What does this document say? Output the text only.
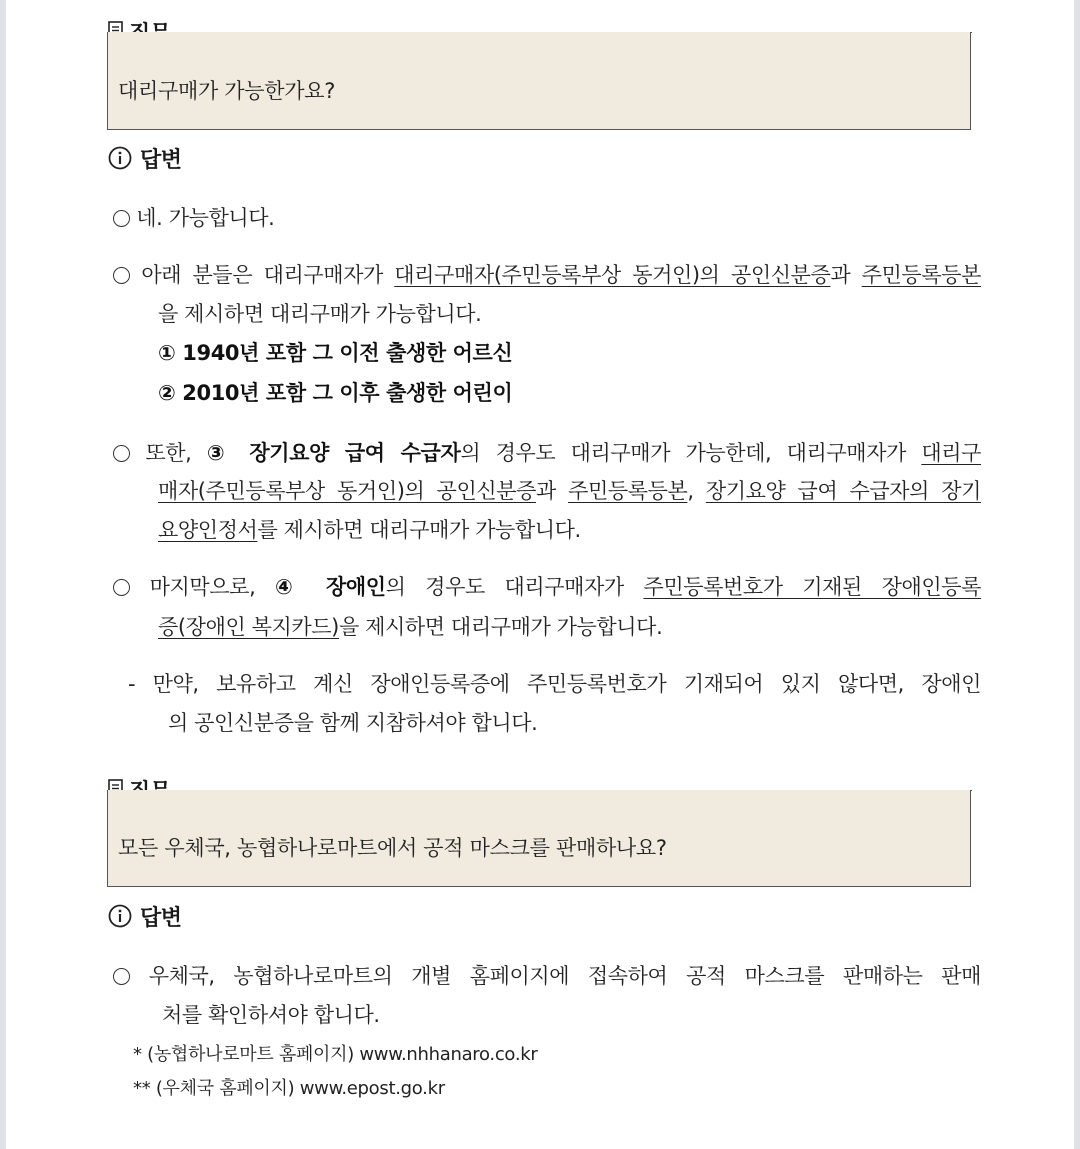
대리구매가 가능한가요?
답변
네. 가능합니다.
아래 분들은 대리구매자가 대리구매자(주민등록부상 동거인)의 공인신분증과 주민등록등본
을 제시하면 대리구매가 가능합니다.
① 1940년 포함 그 이전 출생한 어르신
② 2010년 포함 그 이후 출생한 어린이
또한, ③ 장기요양 급여 수급자의 경우도 대리구매가 가능한데, 대리구매자가 대리구
매자(주민등록부상 동거인)의 공인신분증과 주민등록등본, 장기요양 급여 수급자의 장기
요양인정서를 제시하면 대리구매가 가능합니다.
마지막으로, ④ 장애인의 경우도 대리구매자가 주민등록번호가 기재된 장애인등록
증(장애인 복지카드)을 제시하면 대리구매가 가능합니다.
- 만약, 보유하고 계신 장애인등록증에 주민등록번호가 기재되어 있지 않다면, 장애인
의 공인신분증을 함께 지참하셔야 합니다.
모든 우체국, 농협하나로마트에서 공적 마스크를 판매하나요?
답변
우체국, 농협하나로마트의 개별 홈페이지에 접속하여 공적 마스크를 판매하는 판매
처를 확인하셔야 합니다.
* (농협하나로마트 홈페이지) www.nhhanaro.co.kr
** (우체국 홈페이지) www.epost.go.kr
